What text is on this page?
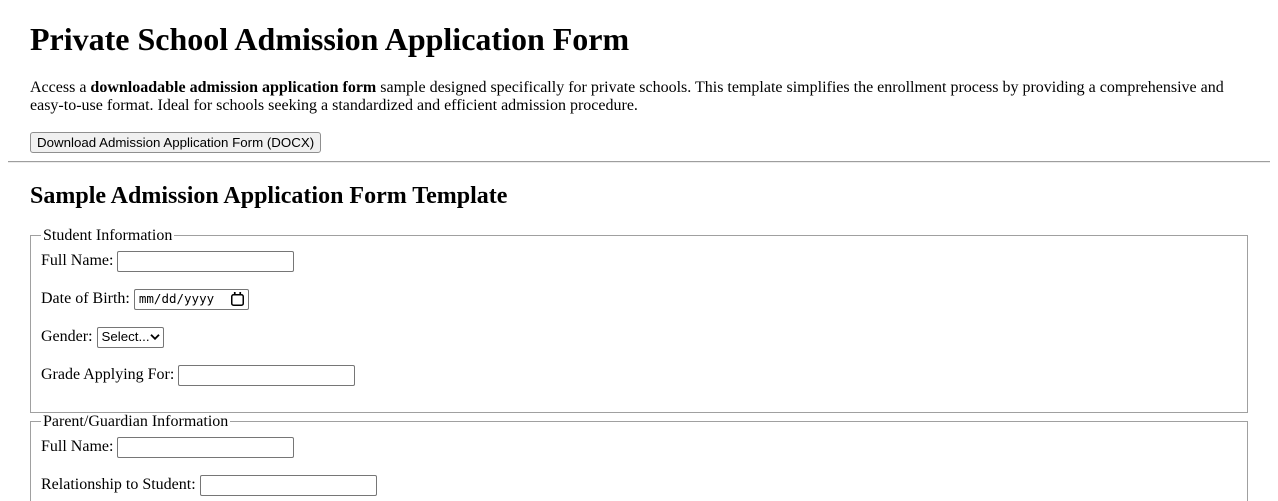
Private School Admission Application Form

Access a downloadable admission application form sample designed specifically for private schools. This template simplifies the enrollment process by providing a comprehensive and easy-to-use format. Ideal for schools seeking a standardized and efficient admission procedure.

Download Admission Application Form (DOCX)
Sample Admission Application Form Template
Student Information
Full Name:
Date of Birth: mm/dd/yyyy
Gender: Select...
Grade Applying For:
Parent/Guardian Information
Full Name:
Relationship to Student:
